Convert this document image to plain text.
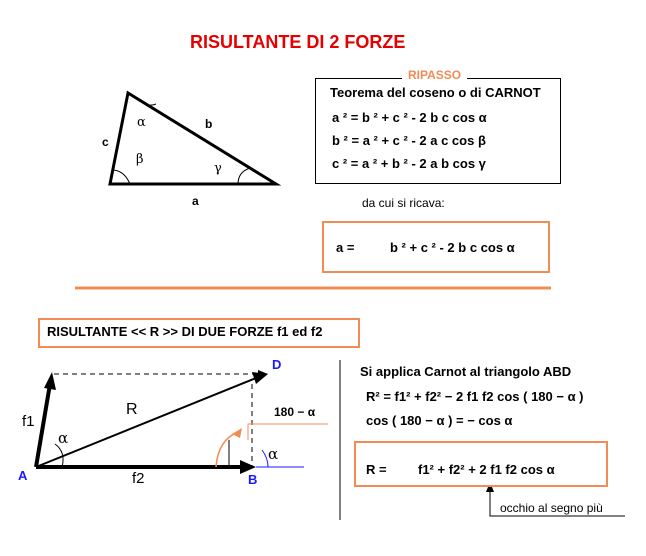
RISULTANTE DI 2 FORZE
b
c
a
α
β
γ
RIPASSO
Teorema del coseno o di CARNOT
a ² = b ² + c ² - 2 b c cos α
b ² = a ² + c ² - 2 a c cos β
c ² = a ² + b ² - 2 a b cos γ
da cui si ricava:
a =	b ² + c ² - 2 b c cos α
RISULTANTE << R >> DI DUE FORZE f1 ed f2
A	B
D
f1
f2
R
α
α
180 − α
Si applica Carnot al triangolo ABD
R² = f1² + f2² − 2 f1 f2 cos ( 180 − α )
cos ( 180 − α ) = − cos α
R = f1² + f2² + 2 f1 f2 cos α
occhio al segno più
